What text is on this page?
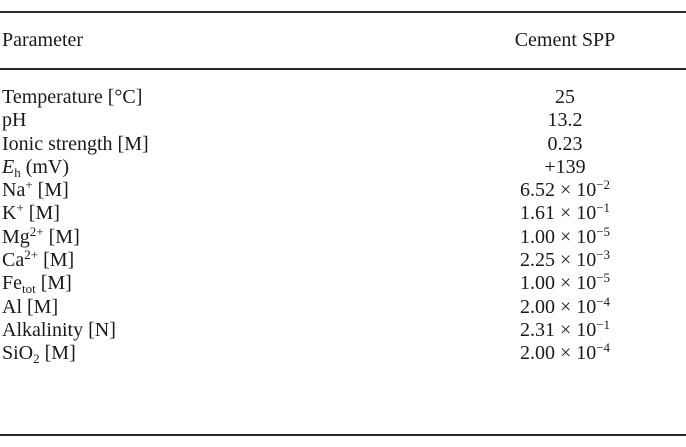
Parameter	Cement SPP
Temperature [°C]	25
pH	13.2
Ionic strength [M]	0.23
$E_h$ (mV)	+139
Na+ [M]	$6.52 \times 10^{-2}$
K+ [M]	$1.61 \times 10^{-1}$
$Mg^{2+}$ [M]	$1.00 \times 10^{-5}$
$Ca^{2+}$ [M]	$2.25 \times 10^{-3}$
$Fe_{tot}$ [M]	$1.00 \times 10^{-5}$
Al [M]	$2.00 \times 10^{-4}$
Alkalinity [N]	$2.31 \times 10^{-1}$
SiO$_2$ [M]	$2.00 \times 10^{-4}$
